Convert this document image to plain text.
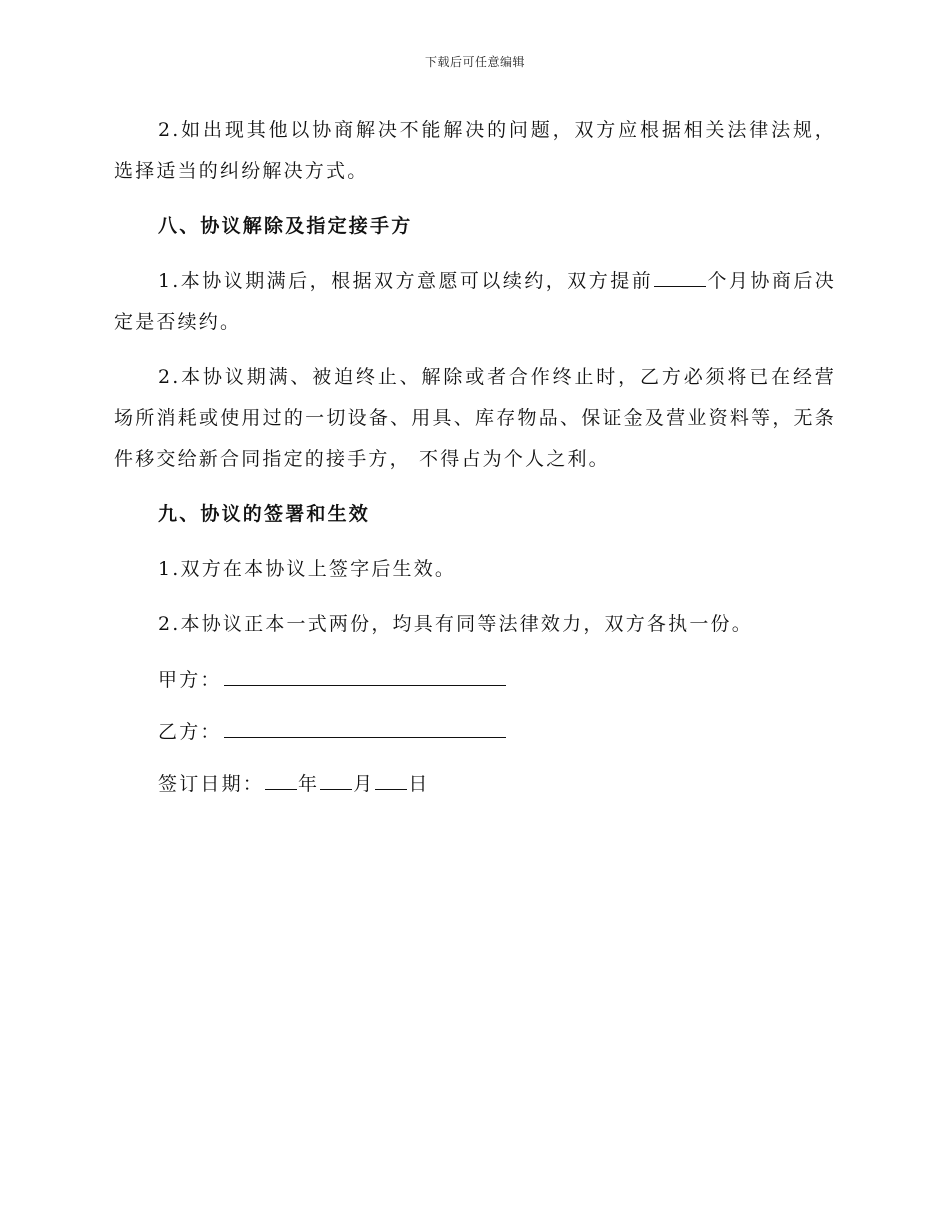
下载后可任意编辑

2.如出现其他以协商解决不能解决的问题，双方应根据相关法律法规，选择适当的纠纷解决方式。

八、协议解除及指定接手方

1.本协议期满后，根据双方意愿可以续约，双方提前	个月协商后决定是否续约。

2.本协议期满、被迫终止、解除或者合作终止时，乙方必须将已在经营场所消耗或使用过的一切设备、用具、库存物品、保证金及营业资料等，无条件移交给新合同指定的接手方， 不得占为个人之利。

九、协议的签署和生效

1.双方在本协议上签字后生效。

2.本协议正本一式两份，均具有同等法律效力，双方各执一份。

甲方：
乙方：
签订日期： 年 月 日
